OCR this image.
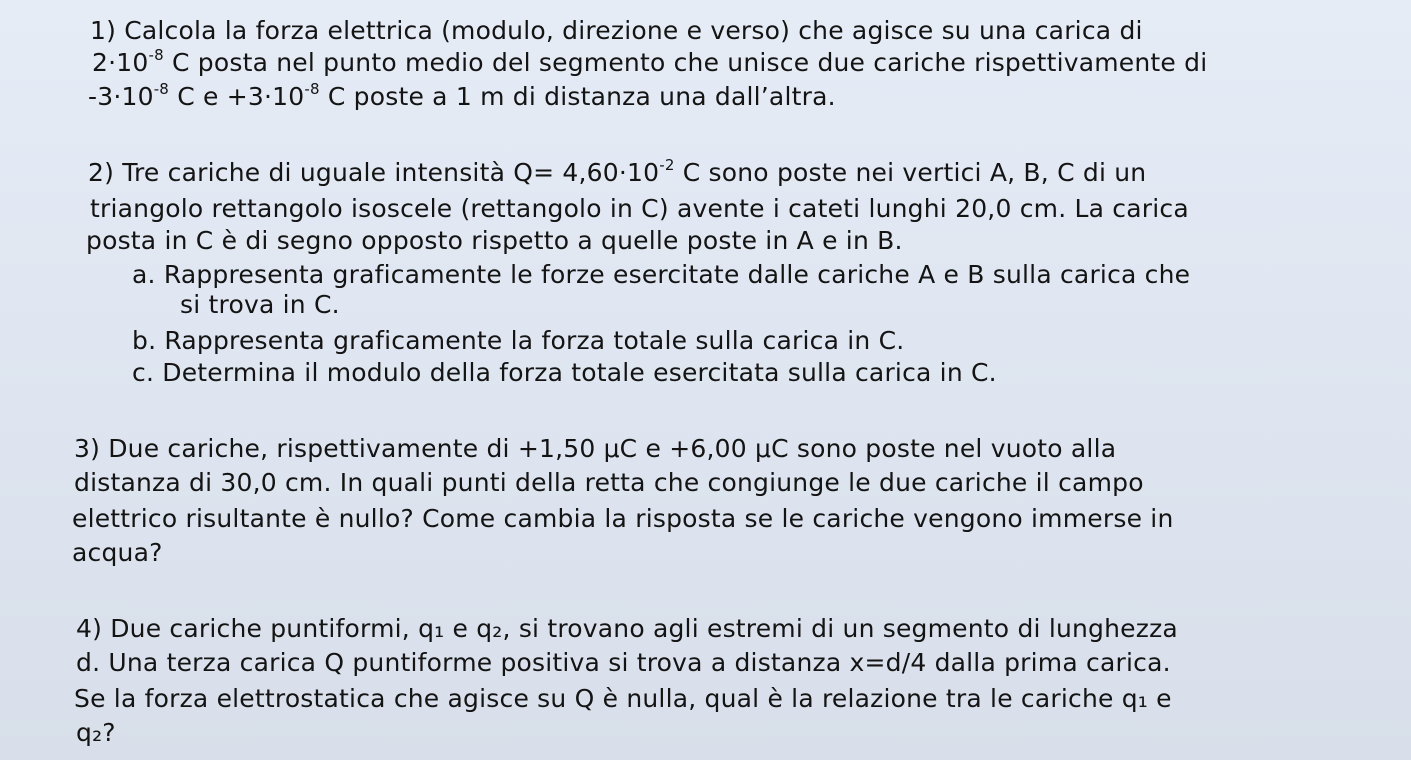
1) Calcola la forza elettrica (modulo, direzione e verso) che agisce su una carica di
$2\cdot 10^{-8}$ C posta nel punto medio del segmento che unisce due cariche rispettivamente di
$-3\cdot 10^{-8}$ C $e +3\cdot 10^{-8}$ C poste a 1 m di distanza una dall’altra.
2) Tre cariche di uguale intensità $Q= 4,60\cdot 10^{-2}$ C sono poste nei vertici A, B, C di un
triangolo rettangolo isoscele (rettangolo in C) avente i cateti lunghi 20,0 cm. La carica
posta in C è di segno opposto rispetto a quelle poste in A e in B.
a. Rappresenta graficamente le forze esercitate dalle cariche A e B sulla carica che
si trova in C.
b. Rappresenta graficamente la forza totale sulla carica in C.
c. Determina il modulo della forza totale esercitata sulla carica in C.
3) Due cariche, rispettivamente di +1,50 μC e +6,00 μC sono poste nel vuoto alla
distanza di 30,0 cm. In quali punti della retta che congiunge le due cariche il campo
elettrico risultante è nullo? Come cambia la risposta se le cariche vengono immerse in
acqua?
4) Due cariche puntiformi, q₁ e q₂, si trovano agli estremi di un segmento di lunghezza
d. Una terza carica Q puntiforme positiva si trova a distanza x=d/4 dalla prima carica.
Se la forza elettrostatica che agisce su Q è nulla, qual è la relazione tra le cariche q₁ e
q₂?
